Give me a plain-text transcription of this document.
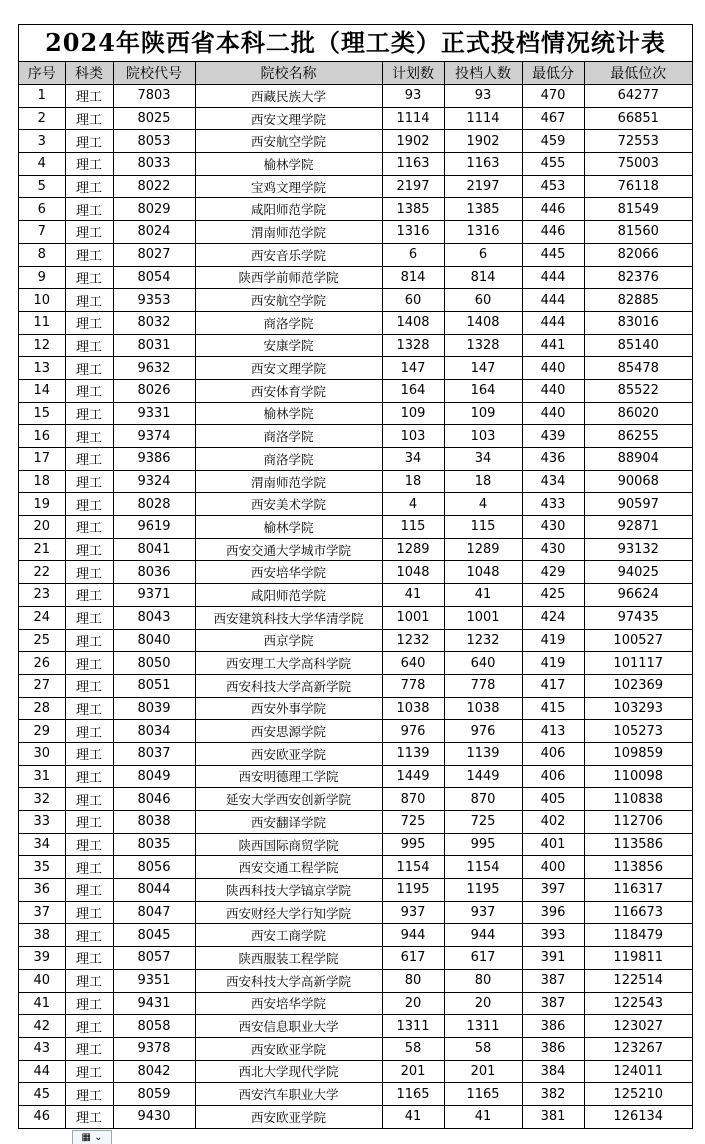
2024年陕西省本科二批（理工类）正式投档情况统计表
序号	科类	院校代号	院校名称	计划数	投档人数	最低分	最低位次
1	理工	7803	西藏民族大学	93	93	470	64277
2	理工	8025	西安文理学院	1114	1114	467	66851
3	理工	8053	西安航空学院	1902	1902	459	72553
4	理工	8033	榆林学院	1163	1163	455	75003
5	理工	8022	宝鸡文理学院	2197	2197	453	76118
6	理工	8029	咸阳师范学院	1385	1385	446	81549
7	理工	8024	渭南师范学院	1316	1316	446	81560
8	理工	8027	西安音乐学院	6	6	445	82066
9	理工	8054	陕西学前师范学院	814	814	444	82376
10	理工	9353	西安航空学院	60	60	444	82885
11	理工	8032	商洛学院	1408	1408	444	83016
12	理工	8031	安康学院	1328	1328	441	85140
13	理工	9632	西安文理学院	147	147	440	85478
14	理工	8026	西安体育学院	164	164	440	85522
15	理工	9331	榆林学院	109	109	440	86020
16	理工	9374	商洛学院	103	103	439	86255
17	理工	9386	商洛学院	34	34	436	88904
18	理工	9324	渭南师范学院	18	18	434	90068
19	理工	8028	西安美术学院	4	4	433	90597
20	理工	9619	榆林学院	115	115	430	92871
21	理工	8041	西安交通大学城市学院	1289	1289	430	93132
22	理工	8036	西安培华学院	1048	1048	429	94025
23	理工	9371	咸阳师范学院	41	41	425	96624
24	理工	8043	西安建筑科技大学华清学院	1001	1001	424	97435
25	理工	8040	西京学院	1232	1232	419	100527
26	理工	8050	西安理工大学高科学院	640	640	419	101117
27	理工	8051	西安科技大学高新学院	778	778	417	102369
28	理工	8039	西安外事学院	1038	1038	415	103293
29	理工	8034	西安思源学院	976	976	413	105273
30	理工	8037	西安欧亚学院	1139	1139	406	109859
31	理工	8049	西安明德理工学院	1449	1449	406	110098
32	理工	8046	延安大学西安创新学院	870	870	405	110838
33	理工	8038	西安翻译学院	725	725	402	112706
34	理工	8035	陕西国际商贸学院	995	995	401	113586
35	理工	8056	西安交通工程学院	1154	1154	400	113856
36	理工	8044	陕西科技大学镐京学院	1195	1195	397	116317
37	理工	8047	西安财经大学行知学院	937	937	396	116673
38	理工	8045	西安工商学院	944	944	393	118479
39	理工	8057	陕西服装工程学院	617	617	391	119811
40	理工	9351	西安科技大学高新学院	80	80	387	122514
41	理工	9431	西安培华学院	20	20	387	122543
42	理工	8058	西安信息职业大学	1311	1311	386	123027
43	理工	9378	西安欧亚学院	58	58	386	123267
44	理工	8042	西北大学现代学院	201	201	384	124011
45	理工	8059	西安汽车职业大学	1165	1165	382	125210
46	理工	9430	西安欧亚学院	41	41	381	126134
▦ ⌄
